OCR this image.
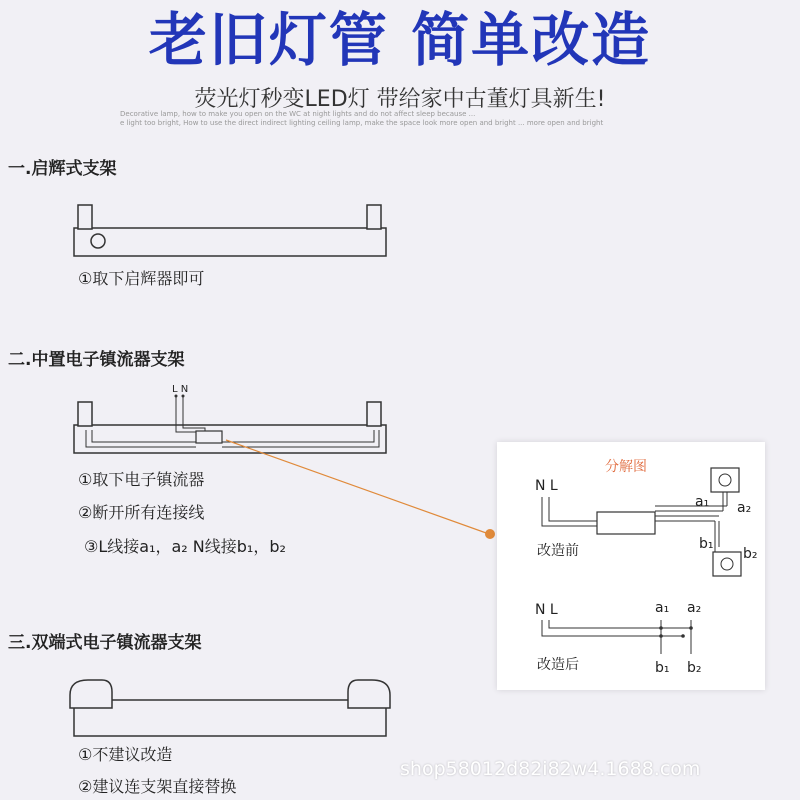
老旧灯管 简单改造
荧光灯秒变LED灯 带给家中古董灯具新生!
Decorative lamp, how to make you open on the WC at night lights and do not affect sleep because ...
e light too bright, How to use the direct indirect lighting ceiling lamp, make the space look more open and bright ... more open and bright
一.启辉式支架
①取下启辉器即可
二.中置电子镇流器支架
L N
①取下电子镇流器
②断开所有连接线
③L线接a₁，a₂ N线接b₁，b₂
三.双端式电子镇流器支架
①不建议改造
②建议连支架直接替换
分解图
N L
改造前
a₁ a₂
b₁
b₂
N L
改造后
a₁ a₂
b₁ b₂
shop58012d82i82w4.1688.com
